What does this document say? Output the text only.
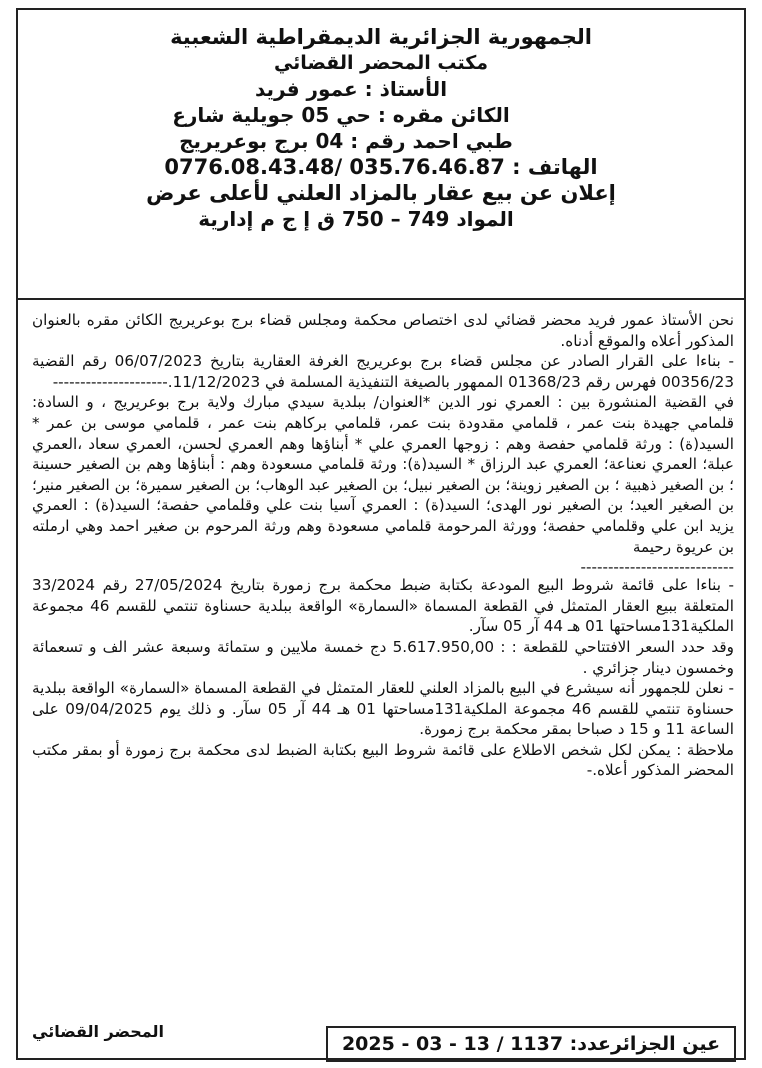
الجمهورية الجزائرية الديمقراطية الشعبية
مكتب المحضر القضائي
الأستاذ : عمور فريد
الكائن مقره : حي 05 جويلية شارع
طبي احمد رقم : 04 برج بوعريريج
الهاتف : 035.76.46.87 /0776.08.43.48
إعلان عن بيع عقار بالمزاد العلني لأعلى عرض
المواد 749 – 750 ق إ ج م إدارية

نحن الأستاذ عمور فريد محضر قضائي لدى اختصاص محكمة ومجلس قضاء برج بوعريريج الكائن مقره بالعنوان المذكور أعلاه والموقع أدناه.

- بناءا على القرار الصادر عن مجلس قضاء برج بوعريريج الغرفة العقارية بتاريخ 06/07/2023 رقم القضية 00356/23 فهرس رقم 01368/23 الممهور بالصيغة التنفيذية المسلمة في 11/12/2023.---------------------

في القضية المنشورة بين : العمري نور الدين *العنوان/ ببلدية سيدي مبارك ولاية برج بوعريريج ، و السادة: قلمامي جهيدة بنت عمر ، قلمامي مقدودة بنت عمر، قلمامي بركاهم بنت عمر ، قلمامي موسى بن عمر * السيد(ة) : ورثة قلمامي حفصة وهم : زوجها العمري علي * أبناؤها وهم العمري لحسن، العمري سعاد ،العمري عبلة؛ العمري نعناعة؛ العمري عبد الرزاق * السيد(ة): ورثة قلمامي مسعودة وهم : أبناؤها وهم بن الصغير حسينة ؛ بن الصغير ذهبية ؛ بن الصغير زوينة؛ بن الصغير نبيل؛ بن الصغير عبد الوهاب؛ بن الصغير سميرة؛ بن الصغير منير؛ بن الصغير العيد؛ بن الصغير نور الهدى؛ السيد(ة) : العمري آسيا بنت علي وقلمامي حفصة؛ السيد(ة) : العمري يزيد ابن علي وقلمامي حفصة؛ وورثة المرحومة قلمامي مسعودة وهم ورثة المرحوم بن صغير احمد وهي ارملته بن عريوة رحيمة

----------------------------

- بناءا على قائمة شروط البيع المودعة بكتابة ضبط محكمة برج زمورة بتاريخ 27/05/2024 رقم 33/2024 المتعلقة ببيع العقار المتمثل في القطعة المسماة «السمارة» الواقعة ببلدية حسناوة تنتمي للقسم 46 مجموعة الملكية131مساحتها 01 هـ 44 آر 05 سآر.

وقد حدد السعر الافتتاحي للقطعة : : 5.617.950,00 دج خمسة ملايين و ستمائة وسبعة عشر الف و تسعمائة وخمسون دينار جزائري .

- نعلن للجمهور أنه سيشرع في البيع بالمزاد العلني للعقار المتمثل في القطعة المسماة «السمارة» الواقعة ببلدية حسناوة تنتمي للقسم 46 مجموعة الملكية131مساحتها 01 هـ 44 آر 05 سآر. و ذلك يوم 09/04/2025 على الساعة 11 و 15 د صباحا بمقر محكمة برج زمورة.

ملاحظة : يمكن لكل شخص الاطلاع على قائمة شروط البيع بكتابة الضبط لدى محكمة برج زمورة أو بمقر مكتب المحضر المذكور أعلاه.-

المحضر القضائي
عين الجزائرعدد: 1137 / 13 - 03 - 2025
